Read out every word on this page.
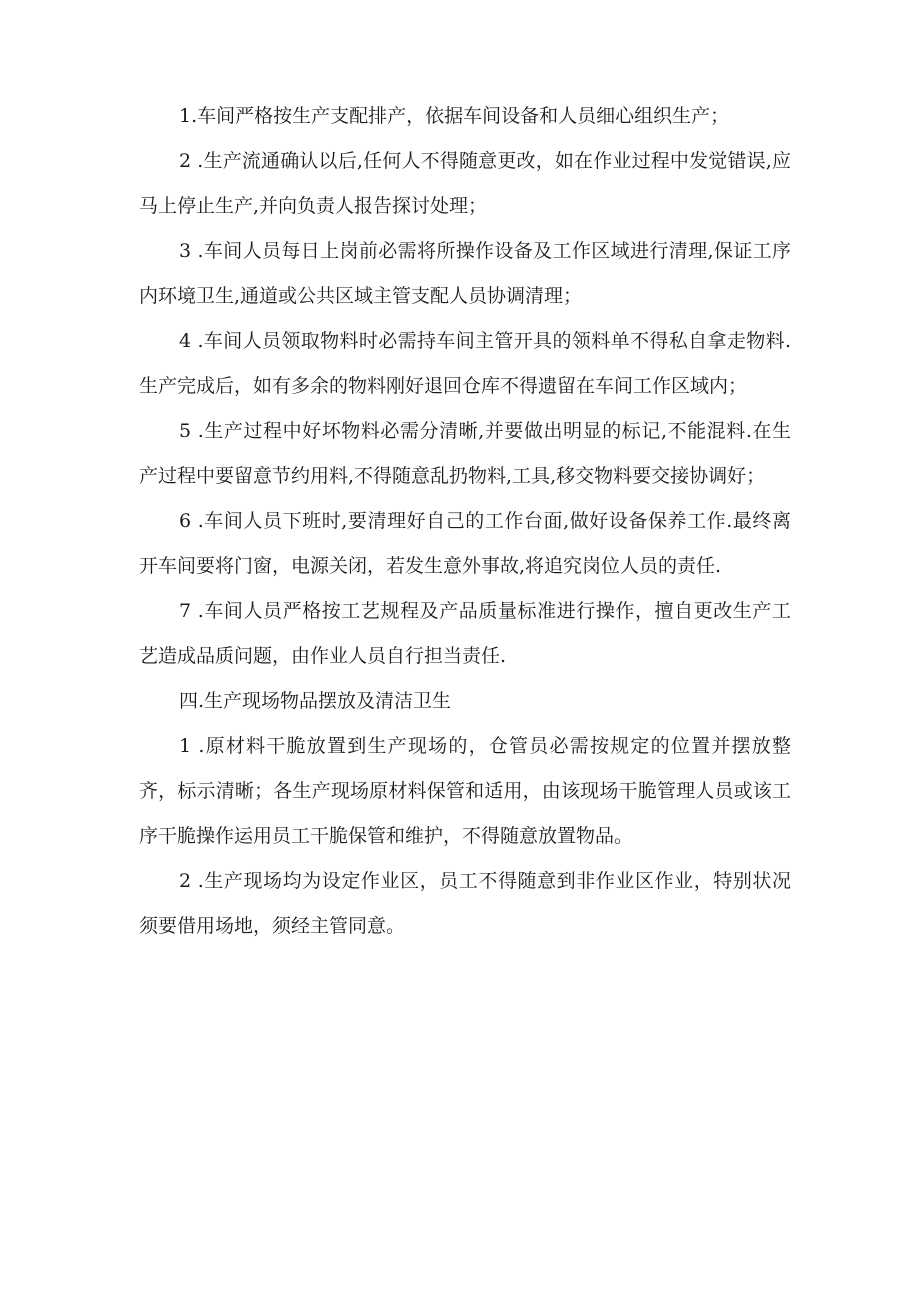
1.车间严格按生产支配排产，依据车间设备和人员细心组织生产；

2 .生产流通确认以后,任何人不得随意更改，如在作业过程中发觉错误,应马上停止生产,并向负责人报告探讨处理；

3 .车间人员每日上岗前必需将所操作设备及工作区域进行清理,保证工序内环境卫生,通道或公共区域主管支配人员协调清理；

4 .车间人员领取物料时必需持车间主管开具的领料单不得私自拿走物料.生产完成后，如有多余的物料刚好退回仓库不得遗留在车间工作区域内；

5 .生产过程中好坏物料必需分清晰,并要做出明显的标记,不能混料.在生产过程中要留意节约用料,不得随意乱扔物料,工具,移交物料要交接协调好；

6 .车间人员下班时,要清理好自己的工作台面,做好设备保养工作.最终离开车间要将门窗，电源关闭，若发生意外事故,将追究岗位人员的责任.

7 .车间人员严格按工艺规程及产品质量标准进行操作，擅自更改生产工艺造成品质问题，由作业人员自行担当责任.

四.生产现场物品摆放及清洁卫生

1 .原材料干脆放置到生产现场的，仓管员必需按规定的位置并摆放整齐，标示清晰；各生产现场原材料保管和适用，由该现场干脆管理人员或该工序干脆操作运用员工干脆保管和维护，不得随意放置物品。

2 .生产现场均为设定作业区，员工不得随意到非作业区作业，特别状况须要借用场地，须经主管同意。
